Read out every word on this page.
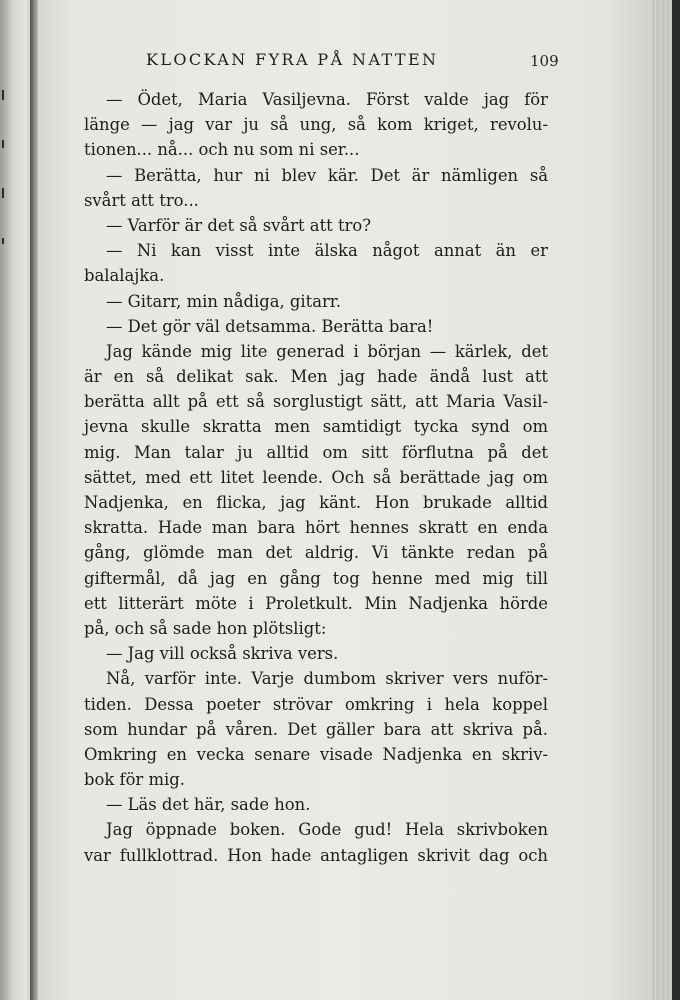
KLOCKAN FYRA PÅ NATTEN	109
— Ödet, Maria Vasiljevna. Först valde jag för
länge — jag var ju så ung, så kom kriget, revolu-
tionen... nå... och nu som ni ser...
— Berätta, hur ni blev kär. Det är nämligen så
svårt att tro...
— Varför är det så svårt att tro?
— Ni kan visst inte älska något annat än er
balalajka.
— Gitarr, min nådiga, gitarr.
— Det gör väl detsamma. Berätta bara!
Jag kände mig lite generad i början — kärlek, det
är en så delikat sak. Men jag hade ändå lust att
berätta allt på ett så sorglustigt sätt, att Maria Vasil-
jevna skulle skratta men samtidigt tycka synd om
mig. Man talar ju alltid om sitt förflutna på det
sättet, med ett litet leende. Och så berättade jag om
Nadjenka, en flicka, jag känt. Hon brukade alltid
skratta. Hade man bara hört hennes skratt en enda
gång, glömde man det aldrig. Vi tänkte redan på
giftermål, då jag en gång tog henne med mig till
ett litterärt möte i Proletkult. Min Nadjenka hörde
på, och så sade hon plötsligt:
— Jag vill också skriva vers.
Nå, varför inte. Varje dumbom skriver vers nuför-
tiden. Dessa poeter strövar omkring i hela koppel
som hundar på våren. Det gäller bara att skriva på.
Omkring en vecka senare visade Nadjenka en skriv-
bok för mig.
— Läs det här, sade hon.
Jag öppnade boken. Gode gud! Hela skrivboken
var fullklottrad. Hon hade antagligen skrivit dag och
